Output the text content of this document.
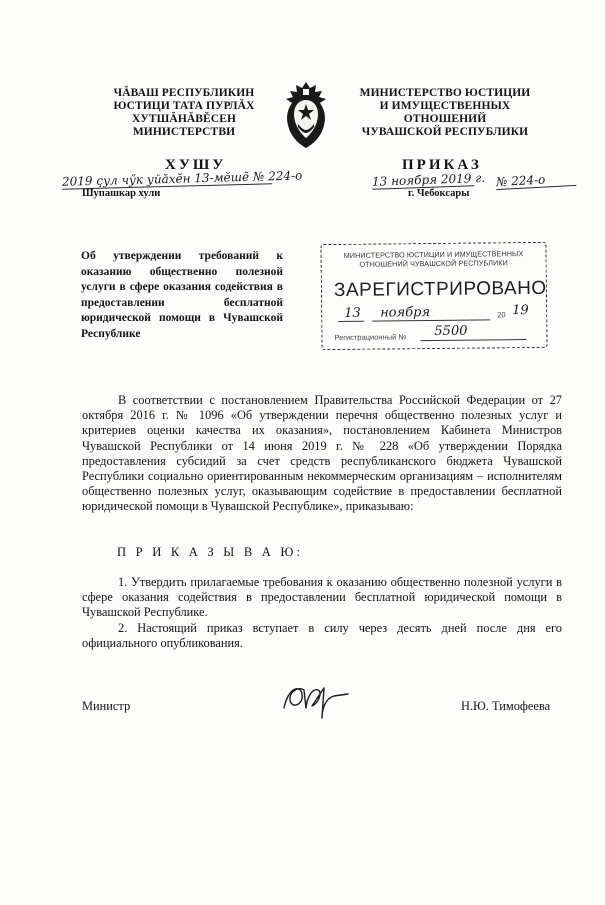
ЧĂВАШ РЕСПУБЛИКИН
ЮСТИЦИ ТАТА ПУРЛĂХ
ХУТШĂНĂВĔСЕН
МИНИСТЕРСТВИ
МИНИСТЕРСТВО ЮСТИЦИИ
И ИМУЩЕСТВЕННЫХ
ОТНОШЕНИЙ
ЧУВАШСКОЙ РЕСПУБЛИКИ
ХУШУ
2019 ҫул чӳк уйӑхӗн 13-мӗшӗ № 224-о
Шупашкар хули
ПРИКАЗ
13 ноября 2019 г. № 224-о
г. Чебоксары
Об утверждении требований к оказанию общественно полезной услуги в сфере оказания содействия в предоставлении бесплатной юридической помощи в Чувашской Республике
МИНИСТЕРСТВО ЮСТИЦИИ И ИМУЩЕСТВЕННЫХ
ОТНОШЕНИЙ ЧУВАШСКОЙ РЕСПУБЛИКИ
ЗАРЕГИСТРИРОВАНО
13 ноября	20 19
Регистрационный № 5500
В соответствии с постановлением Правительства Российской Федерации от 27 октября 2016 г. № 1096 «Об утверждении перечня общественно полезных услуг и критериев оценки качества их оказания», постановлением Кабинета Министров Чувашской Республики от 14 июня 2019 г. № 228 «Об утверждении Порядка предоставления субсидий за счет средств республиканского бюджета Чувашской Республики социально ориентированным некоммерческим организациям – исполнителям общественно полезных услуг, оказывающим содействие в предоставлении бесплатной юридической помощи в Чувашской Республике», приказываю:
П Р И К А З Ы В А Ю:
1. Утвердить прилагаемые требования к оказанию общественно полезной услуги в сфере оказания содействия в предоставлении бесплатной юридической помощи в Чувашской Республике.
2. Настоящий приказ вступает в силу через десять дней после дня его официального опубликования.
Министр	Н.Ю. Тимофеева
